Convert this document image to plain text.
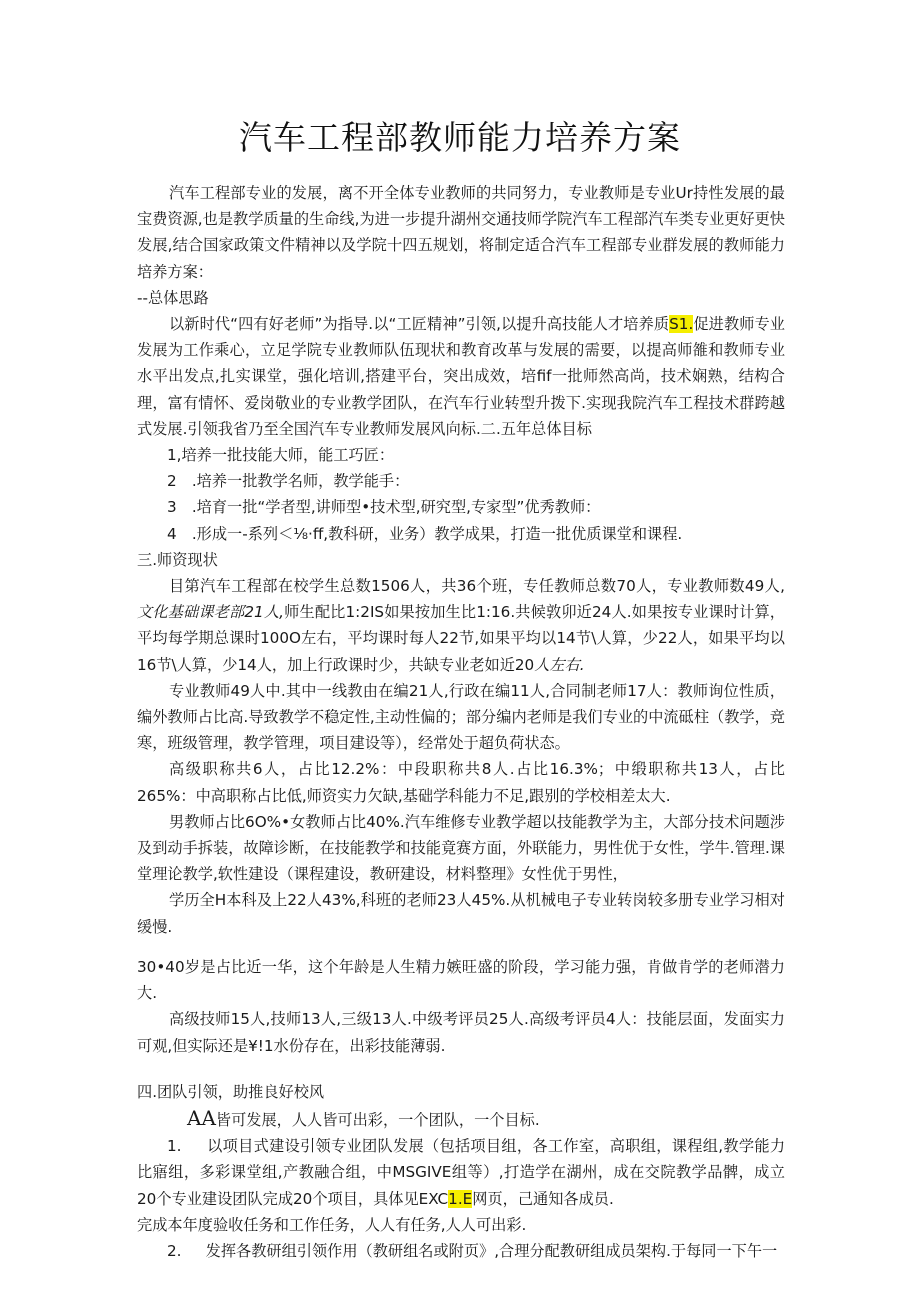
汽车工程部教师能力培养方案

汽车工程部专业的发展，离不开全体专业教师的共同努力，专业教师是专业Ur持性发展的最宝费资源,也是教学质量的生命线,为进一步提升湖州交通技师学院汽车工程部汽车类专业更好更快发展,结合国家政策文件精神以及学院十四五规划，将制定适合汽车工程部专业群发展的教师能力培养方案：

--总体思路

以新时代“四有好老师”为指导.以“工匠精神”引领,以提升高技能人才培养质S1.促进教师专业发展为工作乘心，立足学院专业教师队伍现状和教育改革与发展的需要，以提高师雒和教师专业水平出发点,扎实课堂，强化培训,搭建平台，突出成效，培fif一批师然高尚，技术娴熟，结构合理，富有情怀、爱岗敬业的专业教学团队，在汽车行业转型升拨下.实现我院汽车工程技术群跨越式发展.引领我省乃至全国汽车专业教师发展风向标.二.五年总体目标

1,培养一批技能大师，能工巧匠：

2　.培养一批教学名师，教学能手：

3　.培育一批“学者型,讲师型•技术型,研究型,专家型”优秀教师：

4　.形成一-系列＜⅛·ff,教科研，业务）教学成果，打造一批优质课堂和课程.

三.师资现状

目第汽车工程部在校学生总数1506人，共36个班，专任教师总数70人，专业教师数49人,文化基础课老部21人,师生配比1:2IS如果按加生比1:16.共候敦卯近24人.如果按专业课时计算，平均每学期总课时100O左右，平均课时每人22节,如果平均以14节\人算，少22人，如果平均以16节\人算，少14人，加上行政课时少，共缺专业老如近20人左右.

专业教师49人中.其中一线教由在编21人,行政在编11人,合同制老师17人：教师询位性质，编外教师占比高.导致教学不稳定性,主动性偏的；部分编内老师是我们专业的中流砥柱（教学，竞寒，班级管理，教学管理，项目建设等），经常处于超负荷状态。

高级职称共6人，占比12.2%：中段职称共8人.占比16.3%；中缎职称共13人，占比265%：中高职称占比低,师资实力欠缺,基础学科能力不足,跟别的学校相差太大.

男教师占比6O%•女教师占比40%.汽车维修专业教学超以技能教学为主，大部分技术问题涉及到动手拆装，故障诊断，在技能教学和技能竟赛方面，外联能力，男性优于女性，学牛.管理.课堂理论教学,软性建设（课程建设，教研建设，材料整理》女性优于男性，

学历全H本科及上22人43%,科班的老师23人45%.从机械电子专业转岗较多册专业学习相对缓慢.

30•40岁是占比近一华，这个年龄是人生精力嫉旺盛的阶段，学习能力强，肯做肯学的老师潜力大.

高级技师15人,技师13人,三级13人.中级考评员25人.高级考评员4人：技能层面，发面实力可观,但实际还是¥!1水份存在，出彩技能薄弱.

四.团队引领，助推良好校风

AA皆可发展，人人皆可出彩，一个团队，一个目标.

1. 以项目式建设引领专业团队发展（包括项目组，各工作室，高职组，课程组,教学能力比寤组，多彩课堂组,产教融合组，中MSGIVE组等）,打造学在湖州，成在交院教学品髀，成立20个专业建设团队完成20个项目，具体见EXC1.E网页，己通知各成员.

完成本年度验收任务和工作任务，人人有任务,人人可出彩.

2. 发挥各教研组引领作用（教研组名或附页》,合理分配教研组成员架构.于每同一下午一
